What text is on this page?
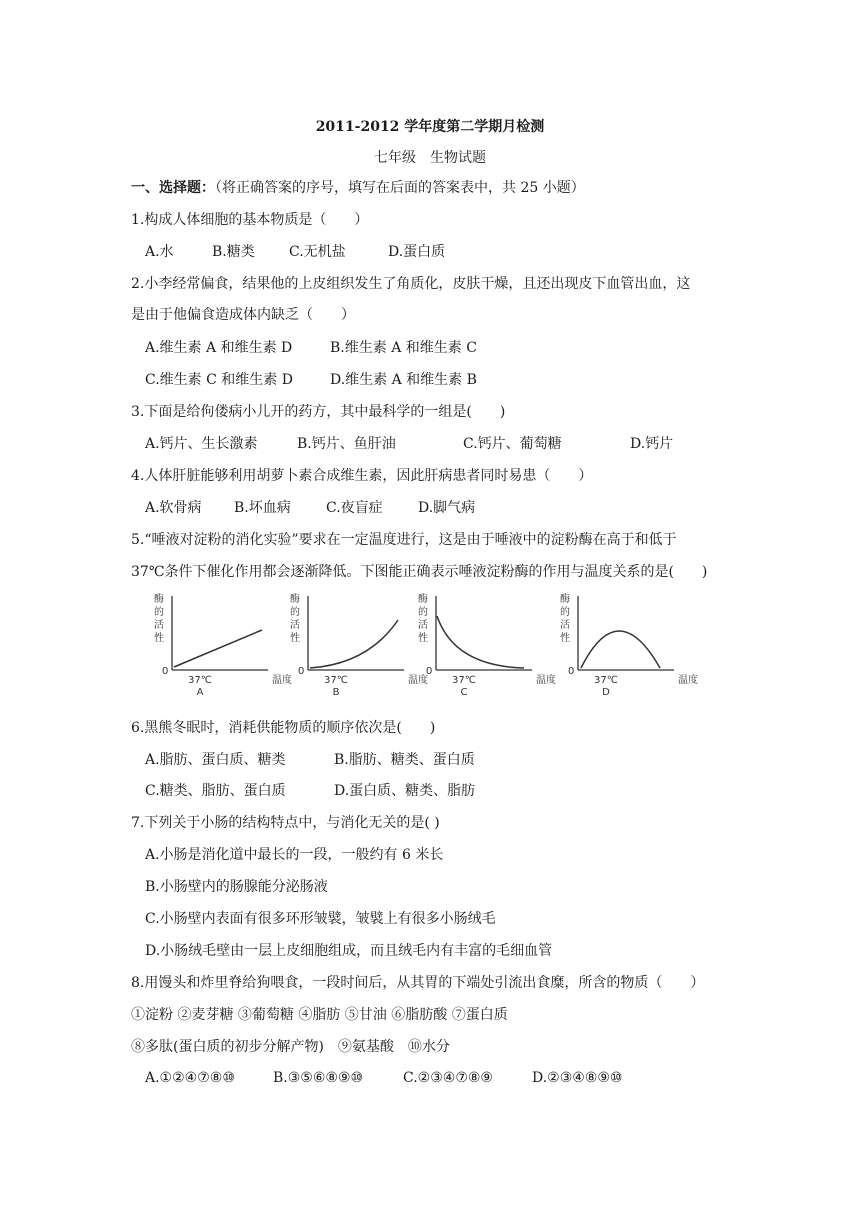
2011-2012 学年度第二学期月检测
七年级　生物试题
一、选择题：（将正确答案的序号，填写在后面的答案表中，共 25 小题）
1.构成人体细胞的基本物质是（　　）
A.水	B.糖类 C.无机盐	D.蛋白质
2.小李经常偏食，结果他的上皮组织发生了角质化，皮肤干燥，且还出现皮下血管出血，这
是由于他偏食造成体内缺乏（　　）
A.维生素 A 和维生素 D	B.维生素 A 和维生素 C
C.维生素 C 和维生素 D	D.维生素 A 和维生素 B
3.下面是给佝偻病小儿开的药方，其中最科学的一组是(　　)
A.钙片、生长激素	B.钙片、鱼肝油	C.钙片、葡萄糖	D.钙片
4.人体肝脏能够利用胡萝卜素合成维生素，因此肝病患者同时易患（　　）
A.软骨病 B.坏血病	C.夜盲症	D.脚气病
5.“唾液对淀粉的消化实验”要求在一定温度进行，这是由于唾液中的淀粉酶在高于和低于
37℃条件下催化作用都会逐渐降低。下图能正确表示唾液淀粉酶的作用与温度关系的是(　　)
酶
的
活
性
0
37℃	温度
A
酶
的
活
性
0
37℃	温度
B
酶
的
活
性
0
37℃	温度
C
酶
的
活
性
0
37℃	温度
D
6.黑熊冬眠时，消耗供能物质的顺序依次是(　　)
A.脂肪、蛋白质、糖类	B.脂肪、糖类、蛋白质
C.糖类、脂肪、蛋白质	D.蛋白质、糖类、脂肪
7.下列关于小肠的结构特点中，与消化无关的是( )
A.小肠是消化道中最长的一段，一般约有 6 米长
B.小肠壁内的肠腺能分泌肠液
C.小肠壁内表面有很多环形皱襞，皱襞上有很多小肠绒毛
D.小肠绒毛壁由一层上皮细胞组成，而且绒毛内有丰富的毛细血管
8.用馒头和炸里脊给狗喂食，一段时间后，从其胃的下端处引流出食糜，所含的物质（　　）
①淀粉 ②麦芽糖 ③葡萄糖 ④脂肪 ⑤甘油 ⑥脂肪酸 ⑦蛋白质
⑧多肽(蛋白质的初步分解产物)　⑨氨基酸　⑩水分
A.①②④⑦⑧⑩	B.③⑤⑥⑧⑨⑩	C.②③④⑦⑧⑨	D.②③④⑧⑨⑩
